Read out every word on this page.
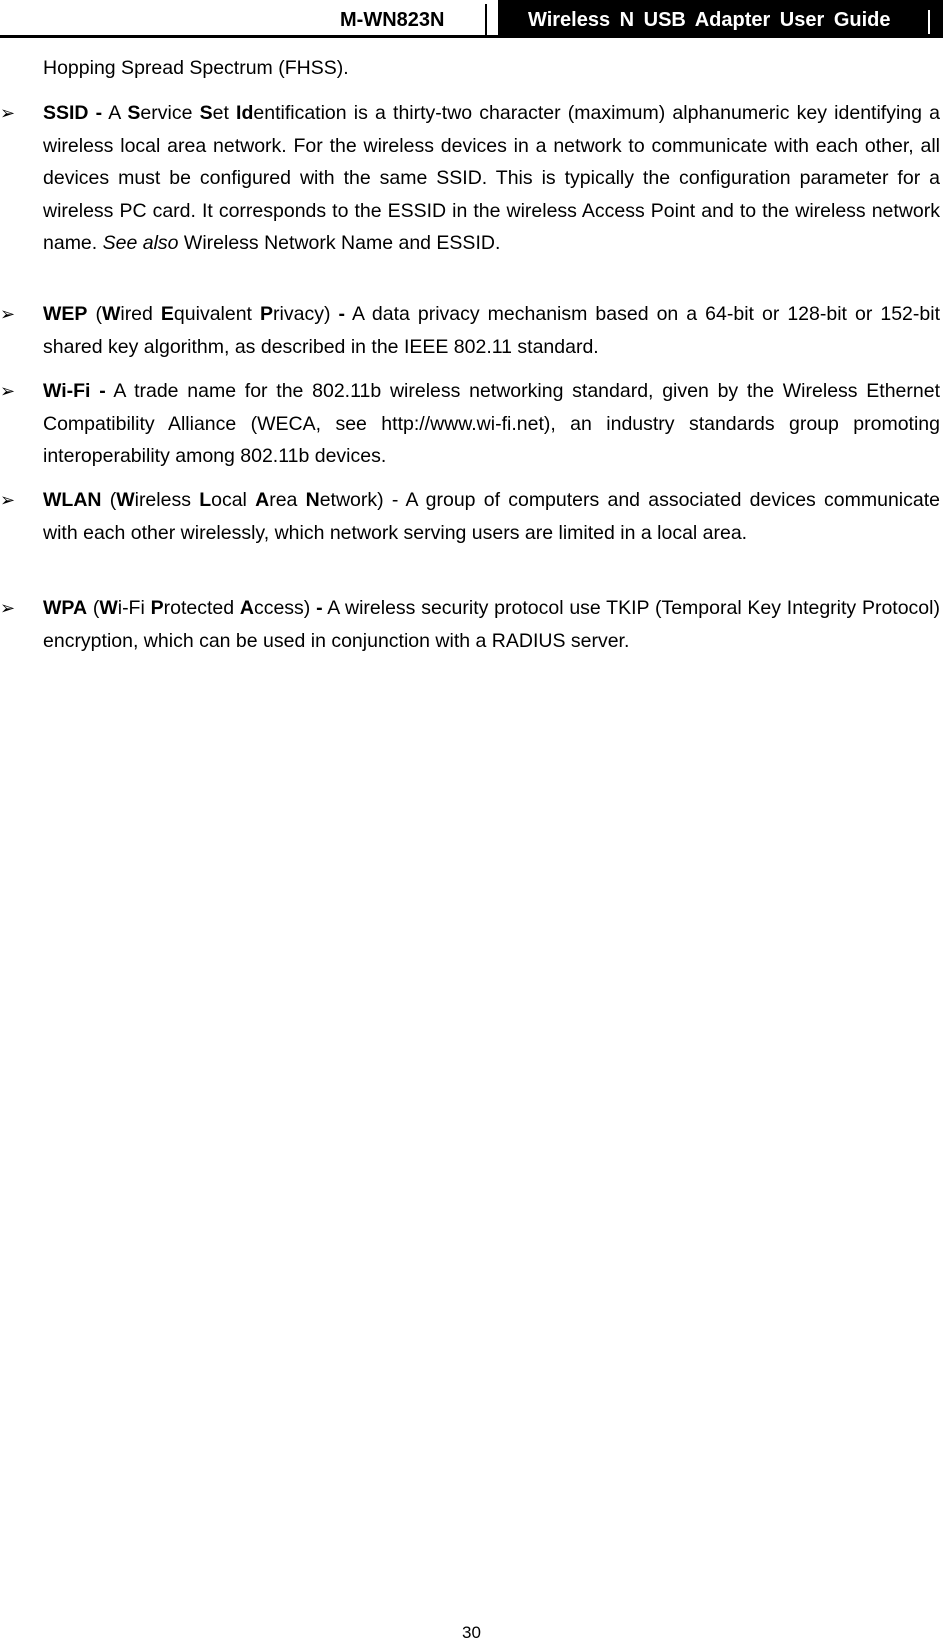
M-WN823N	Wireless N USB Adapter User Guide

Hopping Spread Spectrum (FHSS).

➢	SSID - A Service Set Identification is a thirty-two character (maximum) alphanumeric key identifying a wireless local area network. For the wireless devices in a network to communicate with each other, all devices must be configured with the same SSID. This is typically the configuration parameter for a wireless PC card. It corresponds to the ESSID in the wireless Access Point and to the wireless network name. See also Wireless Network Name and ESSID.

➢	WEP (Wired Equivalent Privacy) - A data privacy mechanism based on a 64-bit or 128-bit or 152-bit shared key algorithm, as described in the IEEE 802.11 standard.

➢	Wi-Fi - A trade name for the 802.11b wireless networking standard, given by the Wireless Ethernet Compatibility Alliance (WECA, see http://www.wi-fi.net), an industry standards group promoting interoperability among 802.11b devices.

➢	WLAN (Wireless Local Area Network) - A group of computers and associated devices communicate with each other wirelessly, which network serving users are limited in a local area.

➢	WPA (Wi-Fi Protected Access) - A wireless security protocol use TKIP (Temporal Key Integrity Protocol) encryption, which can be used in conjunction with a RADIUS server.

30
